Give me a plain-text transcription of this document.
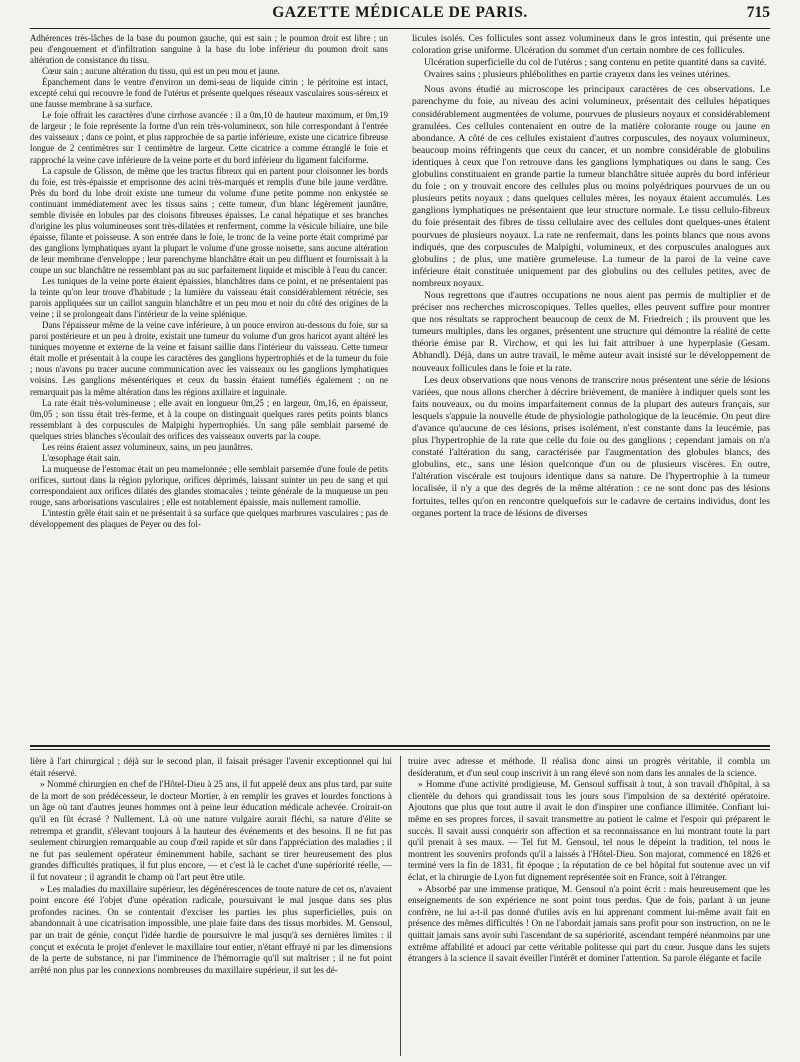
GAZETTE MÉDICALE DE PARIS.	715

Adhérences très-lâches de la base du poumon gauche, qui est sain ; le poumon droit est libre ; un peu d'engouement et d'infiltration sanguine à la base du lobe inférieur du poumon droit sans altération de consistance du tissu.

Cœur sain ; aucune altération du tissu, qui est un peu mou et jaune.

Épanchement dans le ventre d'environ un demi-seau de liquide citrin ; le péritoine est intact, excepté celui qui recouvre le fond de l'utérus et présente quelques réseaux vasculaires sous-séreux et une fausse membrane à sa surface.

Le foie offrait les caractères d'une cirrhose avancée : il a 0m,10 de hauteur maximum, et 0m,19 de largeur ; le foie représente la forme d'un rein très-volumineux, son hile correspondant à l'entrée des vaisseaux ; dans ce point, et plus rapprochée de sa partie inférieure, existe une cicatrice fibreuse longue de 2 centimètres sur 1 centimètre de largeur. Cette cicatrice a comme étranglé le foie et rapproché la veine cave inférieure de la veine porte et du bord inférieur du ligament falciforme.

La capsule de Glisson, de même que les tractus fibreux qui en partent pour cloisonner les bords du foie, est très-épaissie et emprisonne des acini très-marqués et remplis d'une bile jaune verdâtre. Près du bord du lobe droit existe une tumeur du volume d'une petite pomme non enkystée se continuant immédiatement avec les tissus sains ; cette tumeur, d'un blanc légèrement jaunâtre, semble divisée en lobules par des cloisons fibreuses épaisses. Le canal hépatique et ses branches d'origine les plus volumineuses sont très-dilatées et renferment, comme la vésicule biliaire, une bile épaisse, filante et poisseuse. A son entrée dans le foie, le tronc de la veine porte était comprimé par des ganglions lymphatiques ayant la plupart le volume d'une grosse noisette, sans aucune altération de leur membrane d'enveloppe ; leur parenchyme blanchâtre était un peu diffluent et fournissait à la coupe un suc blanchâtre ne ressemblant pas au suc parfaitement liquide et miscible à l'eau du cancer.

Les tuniques de la veine porte étaient épaissies, blanchâtres dans ce point, et ne présentaient pas la teinte qu'on leur trouve d'habitude ; la lumière du vaisseau était considérablement rétrécie, ses parois appliquées sur un caillot sanguin blanchâtre et un peu mou et noir du côté des origines de la veine ; il se prolongeait dans l'intérieur de la veine splénique.

Dans l'épaisseur même de la veine cave inférieure, à un pouce environ au-dessous du foie, sur sa paroi postérieure et un peu à droite, existait une tumeur du volume d'un gros haricot ayant altéré les tuniques moyenne et externe de la veine et faisant saillie dans l'intérieur du vaisseau. Cette tumeur était molle et présentait à la coupe les caractères des ganglions hypertrophiés et de la tumeur du foie ; nous n'avons pu tracer aucune communication avec les vaisseaux ou les ganglions lymphatiques voisins. Les ganglions mésentériques et ceux du bassin étaient tuméfiés également ; on ne remarquait pas la même altération dans les régions axillaire et inguinale.

La rate était très-volumineuse ; elle avait en longueur 0m,25 ; en largeur, 0m,16, en épaisseur, 0m,05 ; son tissu était très-ferme, et à la coupe on distinguait quelques rares petits points blancs ressemblant à des corpuscules de Malpighi hypertrophiés. Un sang pâle semblait parsemé de quelques stries blanches s'écoulait des orifices des vaisseaux ouverts par la coupe.

Les reins étaient assez volumineux, sains, un peu jaunâtres.

L'œsophage était sain.

La muqueuse de l'estomac était un peu mamelonnée ; elle semblait parsemée d'une foule de petits orifices, surtout dans la région pylorique, orifices déprimés, laissant suinter un peu de sang et qui correspondaient aux orifices dilatés des glandes stomacales ; teinte générale de la muqueuse un peu rouge, sans arborisations vasculaires ; elle est notablement épaissie, mais nullement ramollie.

L'intestin grêle était sain et ne présentait à sa surface que quelques marbrures vasculaires ; pas de développement des plaques de Peyer ou des fol-

licules isolés. Ces follicules sont assez volumineux dans le gros intestin, qui présente une coloration grise uniforme. Ulcération du sommet d'un certain nombre de ces follicules.

Ulcération superficielle du col de l'utérus ; sang contenu en petite quantité dans sa cavité.

Ovaires sains ; plusieurs phlébolithes en partie crayeux dans les veines utérines.

Nous avons étudié au microscope les principaux caractères de ces observations. Le parenchyme du foie, au niveau des acini volumineux, présentait des cellules hépatiques considérablement augmentées de volume, pourvues de plusieurs noyaux et considérablement granulées. Ces cellules contenaient en outre de la matière colorante rouge ou jaune en abondance. A côté de ces cellules existaient d'autres corpuscules, des noyaux volumineux, beaucoup moins réfringents que ceux du cancer, et un nombre considérable de globulins identiques à ceux que l'on retrouve dans les ganglions lymphatiques ou dans le sang. Ces globulins constituaient en grande partie la tumeur blanchâtre située auprès du bord inférieur du foie ; on y trouvait encore des cellules plus ou moins polyédriques pourvues de un ou plusieurs petits noyaux ; dans quelques cellules mères, les noyaux étaient accumulés. Les ganglions lymphatiques ne présentaient que leur structure normale. Le tissu cellulo-fibreux du foie présentait des fibres de tissu cellulaire avec des cellules dont quelques-unes étaient pourvues de plusieurs noyaux. La rate ne renfermait, dans les points blancs que nous avons indiqués, que des corpuscules de Malpighi, volumineux, et des corpuscules analogues aux globulins ; de plus, une matière grumeleuse. La tumeur de la paroi de la veine cave inférieure était constituée uniquement par des globulins ou des cellules petites, avec de nombreux noyaux.

Nous regrettons que d'autres occupations ne nous aient pas permis de multiplier et de préciser nos recherches microscopiques. Telles quelles, elles peuvent suffire pour montrer que nos résultats se rapprochent beaucoup de ceux de M. Friedreich ; ils prouvent que les tumeurs multiples, dans les organes, présentent une structure qui démontre la réalité de cette théorie émise par R. Virchow, et qui les lui fait attribuer à une hyperplasie (Gesam. Abhandl). Déjà, dans un autre travail, le même auteur avait insisté sur le développement de nouveaux follicules dans le foie et la rate.

Les deux observations que nous venons de transcrire nous présentent une série de lésions variées, que nous allons chercher à décrire brièvement, de manière à indiquer quels sont les faits nouveaux, ou du moins imparfaitement connus de la plupart des auteurs français, sur lesquels s'appuie la nouvelle étude de physiologie pathologique de la leucémie. On peut dire d'avance qu'aucune de ces lésions, prises isolément, n'est constante dans la leucémie, pas plus l'hypertrophie de la rate que celle du foie ou des ganglions ; cependant jamais on n'a constaté l'altération du sang, caractérisée par l'augmentation des globules blancs, des globulins, etc., sans une lésion quelconque d'un ou de plusieurs viscères. En outre, l'altération viscérale est toujours identique dans sa nature. De l'hypertrophie à la tumeur localisée, il n'y a que des degrés de la même altération : ce ne sont donc pas des lésions fortuites, telles qu'on en rencontre quelquefois sur le cadavre de certains individus, dont les organes portent la trace de lésions de diverses

lière à l'art chirurgical ; déjà sur le second plan, il faisait présager l'avenir exceptionnel qui lui était réservé.

» Nommé chirurgien en chef de l'Hôtel-Dieu à 25 ans, il fut appelé deux ans plus tard, par suite de la mort de son prédécesseur, le docteur Mortier, à en remplir les graves et lourdes fonctions à un âge où tant d'autres jeunes hommes ont à peine leur éducation médicale achevée. Croirait-on qu'il en fût écrasé ? Nullement. Là où une nature vulgaire aurait fléchi, sa nature d'élite se retrempa et grandit, s'élevant toujours à la hauteur des événements et des besoins. Il ne fut pas seulement chirurgien remarquable au coup d'œil rapide et sûr dans l'appréciation des maladies ; il ne fut pas seulement opérateur éminemment habile, sachant se tirer heureusement des plus grandes difficultés pratiques, il fut plus encore, — et c'est là le cachet d'une supériorité réelle, — il fut novateur ; il agrandit le champ où l'art peut être utile.

» Les maladies du maxillaire supérieur, les dégénérescences de toute nature de cet os, n'avaient point encore été l'objet d'une opération radicale, poursuivant le mal jusque dans ses plus profondes racines. On se contentait d'exciser les parties les plus superficielles, puis on abandonnait à une cicatrisation impossible, une plaie faite dans des tissus morbides. M. Gensoul, par un trait de génie, conçut l'idée hardie de poursuivre le mal jusqu'à ses dernières limites : il conçut et exécuta le projet d'enlever le maxillaire tout entier, n'étant effrayé ni par les dimensions de la perte de substance, ni par l'imminence de l'hémorragie qu'il sut maîtriser ; il ne fut point arrêté non plus par les connexions nombreuses du maxillaire supérieur, il sut les dé-

truire avec adresse et méthode. Il réalisa donc ainsi un progrès véritable, il combla un desideratum, et d'un seul coup inscrivit à un rang élevé son nom dans les annales de la science.

» Homme d'une activité prodigieuse, M. Gensoul suffisait à tout, à son travail d'hôpital, à sa clientèle du dehors qui grandissait tous les jours sous l'impulsion de sa dextérité opératoire. Ajoutons que plus que tout autre il avait le don d'inspirer une confiance illimitée. Confiant lui-même en ses propres forces, il savait transmettre au patient le calme et l'espoir qui préparent le succès. Il savait aussi conquérir son affection et sa reconnaissance en lui montrant toute la part qu'il prenait à ses maux. — Tel fut M. Gensoul, tel nous le dépeint la tradition, tel nous le montrent les souvenirs profonds qu'il a laissés à l'Hôtel-Dieu. Son majorat, commencé en 1826 et terminé vers la fin de 1831, fit époque ; la réputation de ce bel hôpital fut soutenue avec un vif éclat, et la chirurgie de Lyon fut dignement représentée soit en France, soit à l'étranger.

» Absorbé par une immense pratique, M. Gensoul n'a point écrit : mais heureusement que les enseignements de son expérience ne sont point tous perdus. Que de fois, parlant à un jeune confrère, ne lui a-t-il pas donné d'utiles avis en lui apprenant comment lui-même avait fait en présence des mêmes difficultés ! On ne l'abordait jamais sans profit pour son instruction, on ne le quittait jamais sans avoir subi l'ascendant de sa supériorité, ascendant tempéré néanmoins par une extrême affabilité et adouci par cette véritable politesse qui part du cœur. Jusque dans les sujets étrangers à la science il savait éveiller l'intérêt et dominer l'attention. Sa parole élégante et facile
